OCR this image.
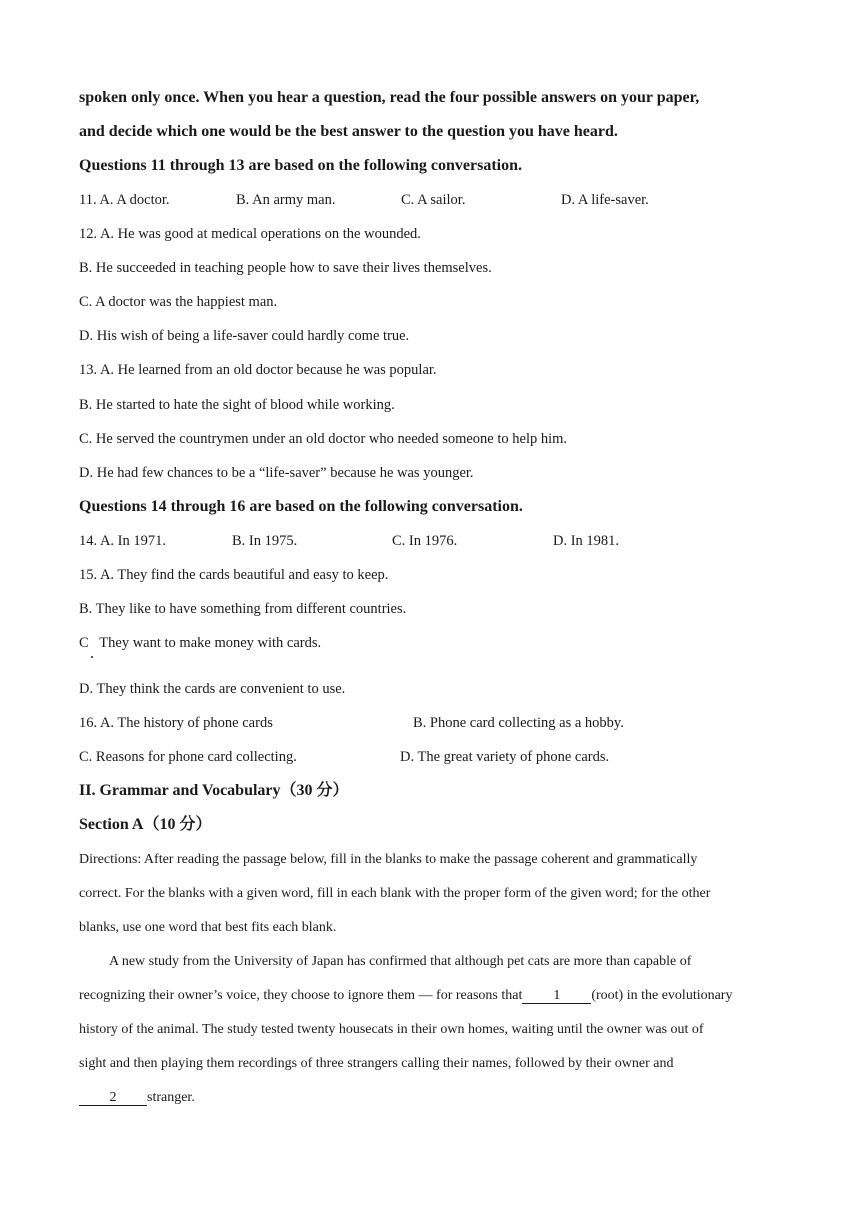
spoken only once. When you hear a question, read the four possible answers on your paper,
and decide which one would be the best answer to the question you have heard.
Questions 11 through 13 are based on the following conversation.
11. A. A doctor.	B. An army man.	C. A sailor.	D. A life-saver.
12. A. He was good at medical operations on the wounded.
B. He succeeded in teaching people how to save their lives themselves.
C. A doctor was the happiest man.
D. His wish of being a life-saver could hardly come true.
13. A. He learned from an old doctor because he was popular.
B. He started to hate the sight of blood while working.
C. He served the countrymen under an old doctor who needed someone to help him.
D. He had few chances to be a “life-saver” because he was younger.
Questions 14 through 16 are based on the following conversation.
14. A. In 1971.	B. In 1975.	C. In 1976.	D. In 1981.
15. A. They find the cards beautiful and easy to keep.
B. They like to have something from different countries.
C   They want to make money with cards.
D. They think the cards are convenient to use.
16. A. The history of phone cards	B. Phone card collecting as a hobby.
C. Reasons for phone card collecting.	D. The great variety of phone cards.
II. Grammar and Vocabulary（30 分）
Section A（10 分）
Directions: After reading the passage below, fill in the blanks to make the passage coherent and grammatically
correct. For the blanks with a given word, fill in each blank with the proper form of the given word; for the other
blanks, use one word that best fits each blank.
A new study from the University of Japan has confirmed that although pet cats are more than capable of
recognizing their owner’s voice, they choose to ignore them — for reasons that 1 (root) in the evolutionary
history of the animal. The study tested twenty housecats in their own homes, waiting until the owner was out of
sight and then playing them recordings of three strangers calling their names, followed by their owner and
2 stranger.
